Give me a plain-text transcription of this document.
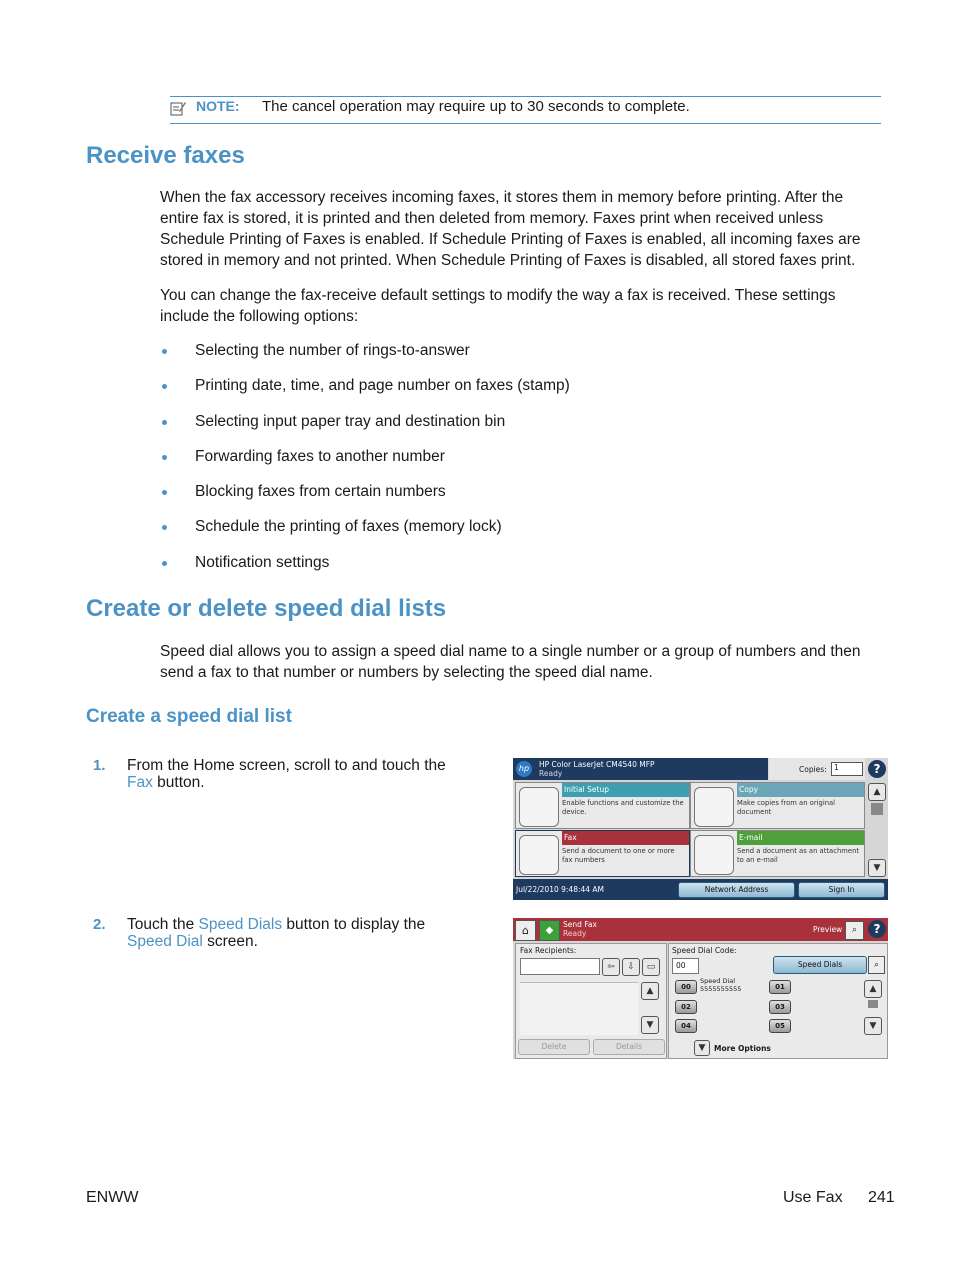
NOTE: The cancel operation may require up to 30 seconds to complete.
Receive faxes

When the fax accessory receives incoming faxes, it stores them in memory before printing. After the entire fax is stored, it is printed and then deleted from memory. Faxes print when received unless Schedule Printing of Faxes is enabled. If Schedule Printing of Faxes is enabled, all incoming faxes are stored in memory and not printed. When Schedule Printing of Faxes is disabled, all stored faxes print.

You can change the fax-receive default settings to modify the way a fax is received. These settings include the following options:

Selecting the number of rings-to-answer
Printing date, time, and page number on faxes (stamp)
Selecting input paper tray and destination bin
Forwarding faxes to another number
Blocking faxes from certain numbers
Schedule the printing of faxes (memory lock)
Notification settings
Create or delete speed dial lists

Speed dial allows you to assign a speed dial name to a single number or a group of numbers and then send a fax to that number or numbers by selecting the speed dial name.

Create a speed dial list
1. From the Home screen, scroll to and touch the Fax button.
2. Touch the Speed Dials button to display the Speed Dial screen.
hp	HP Color LaserJet CM4540 MFP
Ready	Copies: 1	?
Initial Setup
Enable functions and customize the device.
Copy
Make copies from an original document
Fax
Send a document to one or more fax numbers
E-mail
Send a document as an attachment to an e-mail
▲
▼
Jul/22/2010 9:48:44 AM	Network Address	Sign In
⌂	◆
Send Fax
Ready	Preview	⌕	?
Fax Recipients:
⇦	⇩	▭
▲
▼
Delete	Details
Speed Dial Code:
00	Speed Dials	⌕
00
Speed Dial
5555555555	01
02	03
04	05
▲
▼
▼	More Options
ENWW	Use Fax 241
